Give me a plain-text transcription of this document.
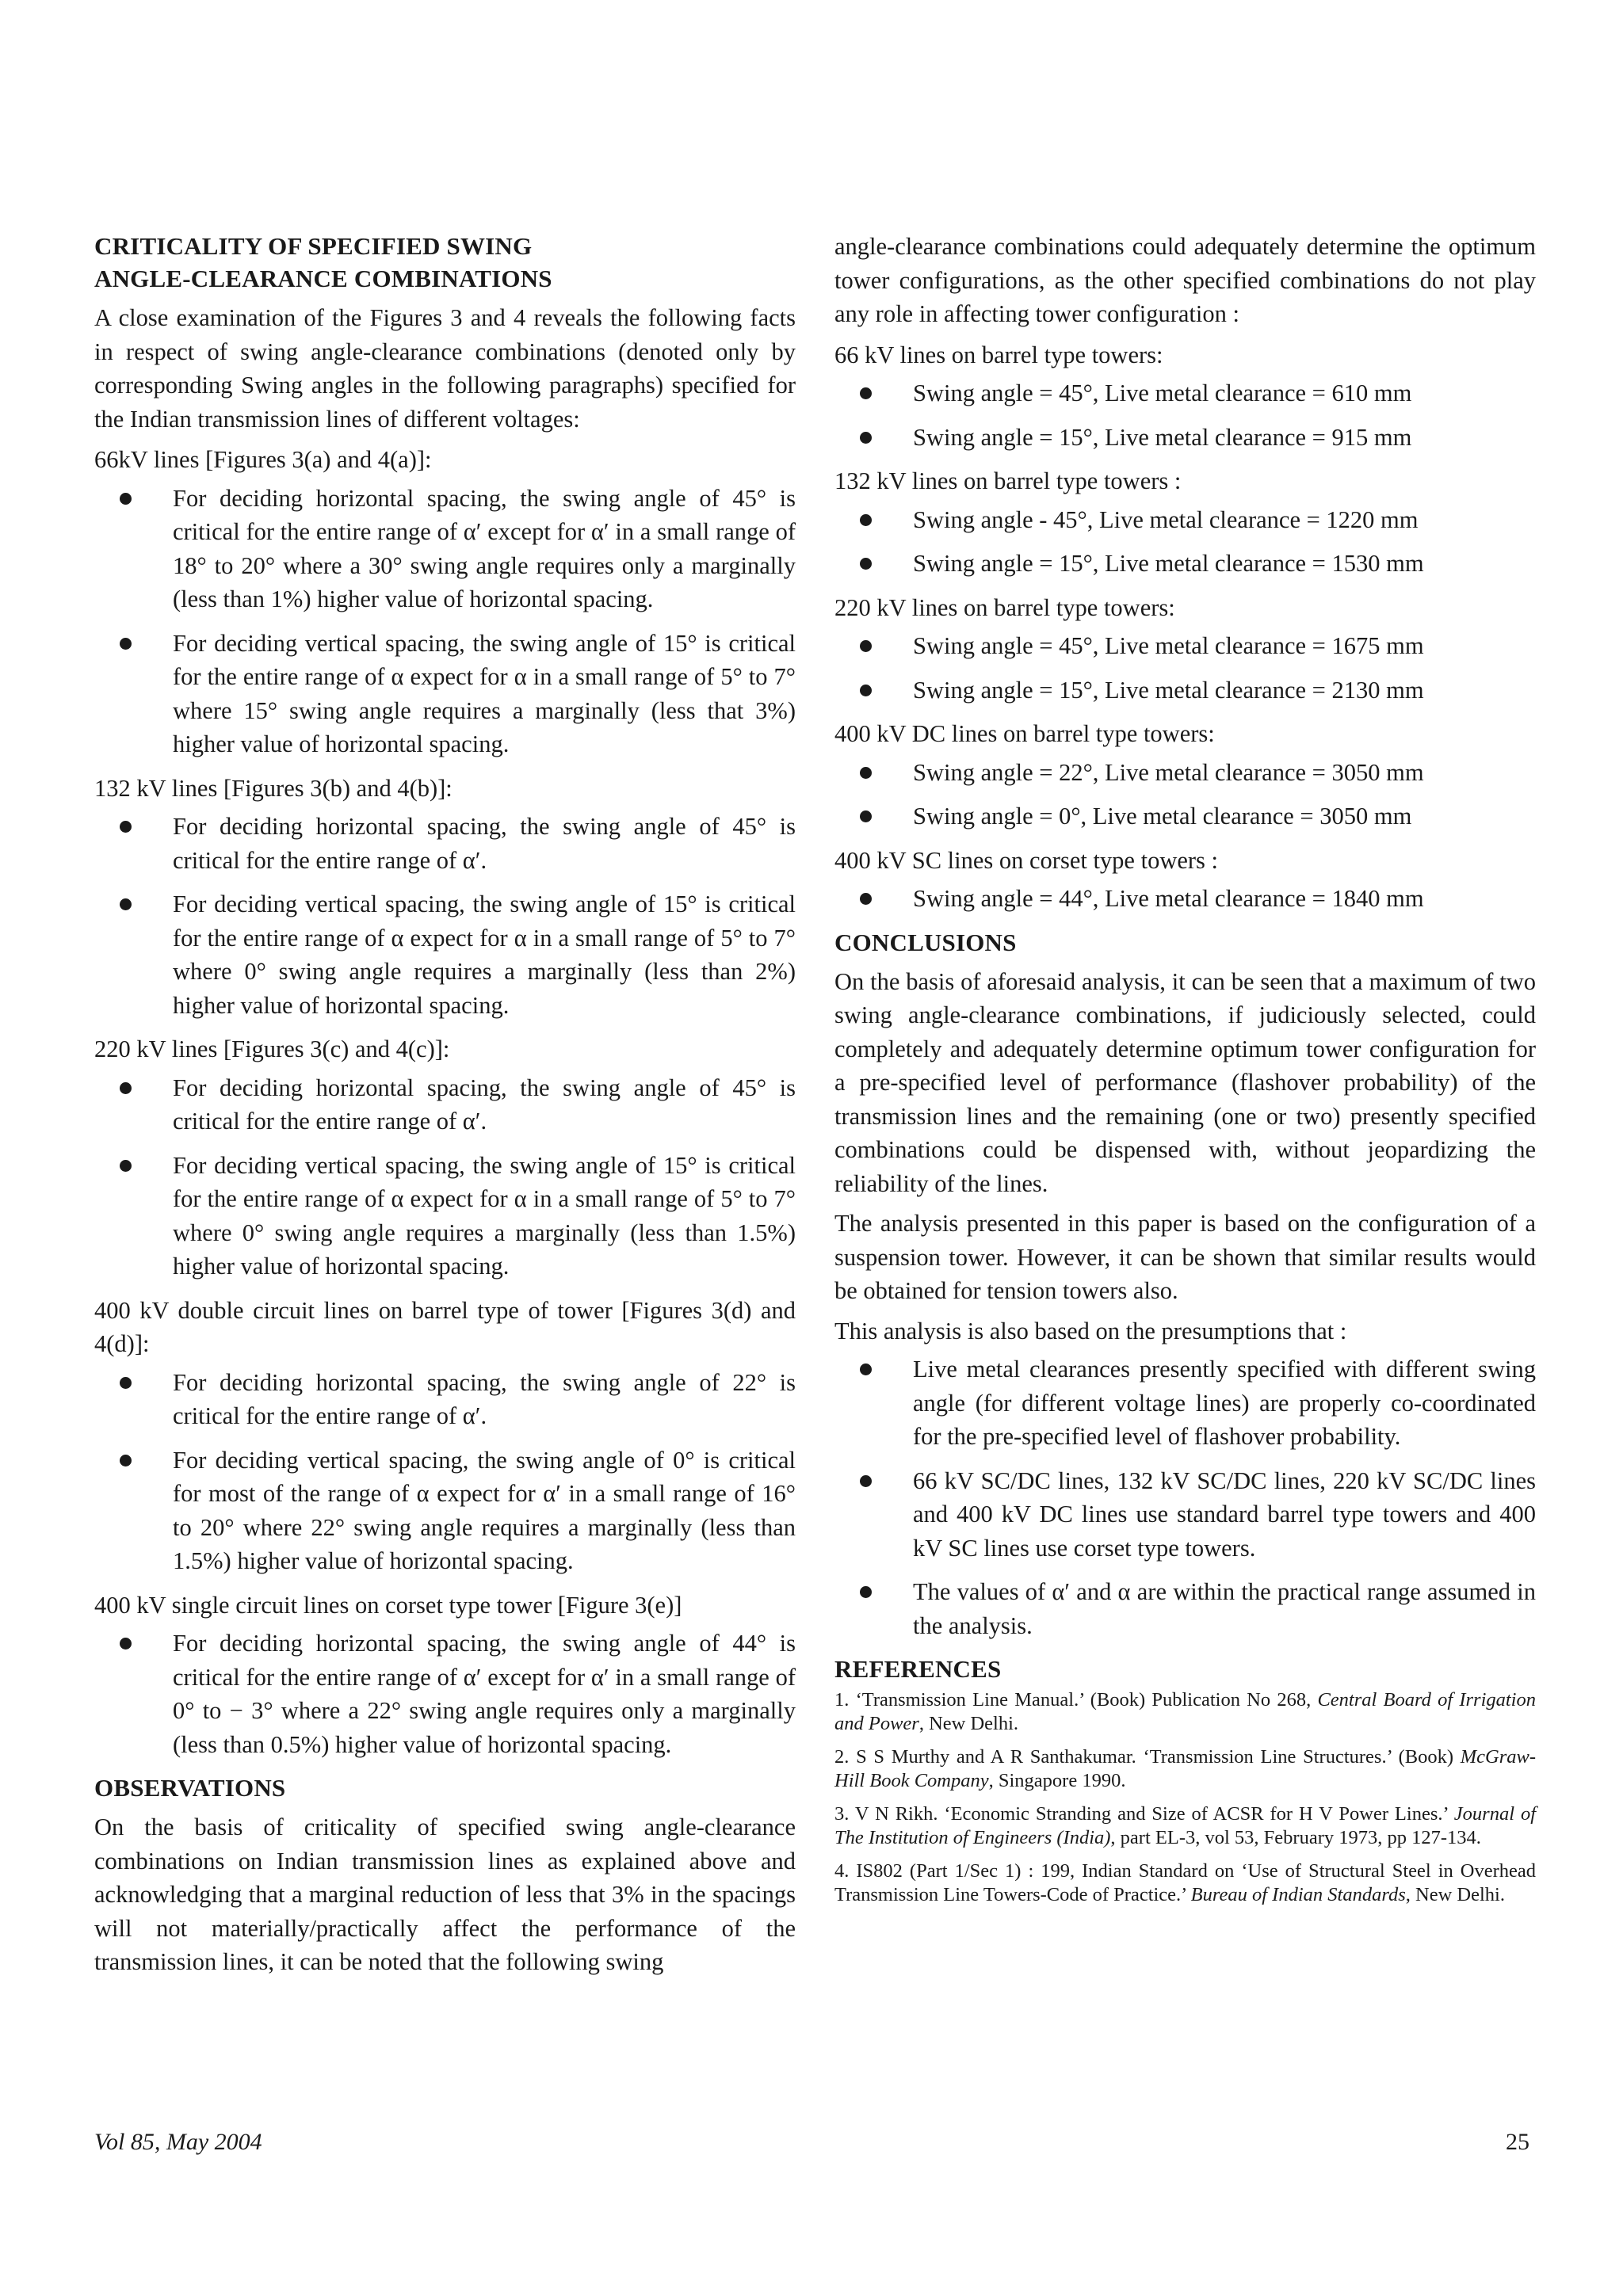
CRITICALITY OF SPECIFIED SWING ANGLE-CLEARANCE COMBINATIONS

A close examination of the Figures 3 and 4 reveals the following facts in respect of swing angle-clearance combinations (denoted only by corresponding Swing angles in the following paragraphs) specified for the Indian transmission lines of different voltages:

66kV lines [Figures 3(a) and 4(a)]:

For deciding horizontal spacing, the swing angle of 45° is critical for the entire range of α′ except for α′ in a small range of 18° to 20° where a 30° swing angle requires only a marginally (less than 1%) higher value of horizontal spacing.
For deciding vertical spacing, the swing angle of 15° is critical for the entire range of α expect for α in a small range of 5° to 7° where 15° swing angle requires a marginally (less that 3%) higher value of horizontal spacing.

132 kV lines [Figures 3(b) and 4(b)]:

For deciding horizontal spacing, the swing angle of 45° is critical for the entire range of α′.
For deciding vertical spacing, the swing angle of 15° is critical for the entire range of α expect for α in a small range of 5° to 7° where 0° swing angle requires a marginally (less than 2%) higher value of horizontal spacing.

220 kV lines [Figures 3(c) and 4(c)]:

For deciding horizontal spacing, the swing angle of 45° is critical for the entire range of α′.
For deciding vertical spacing, the swing angle of 15° is critical for the entire range of α expect for α in a small range of 5° to 7° where 0° swing angle requires a marginally (less than 1.5%) higher value of horizontal spacing.

400 kV double circuit lines on barrel type of tower [Figures 3(d) and 4(d)]:

For deciding horizontal spacing, the swing angle of 22° is critical for the entire range of α′.
For deciding vertical spacing, the swing angle of 0° is critical for most of the range of α expect for α′ in a small range of 16° to 20° where 22° swing angle requires a marginally (less than 1.5%) higher value of horizontal spacing.

400 kV single circuit lines on corset type tower [Figure 3(e)]

For deciding horizontal spacing, the swing angle of 44° is critical for the entire range of α′ except for α′ in a small range of 0° to − 3° where a 22° swing angle requires only a marginally (less than 0.5%) higher value of horizontal spacing.
OBSERVATIONS

On the basis of criticality of specified swing angle-clearance combinations on Indian transmission lines as explained above and acknowledging that a marginal reduction of less that 3% in the spacings will not materially/practically affect the performance of the transmission lines, it can be noted that the following swing

angle-clearance combinations could adequately determine the optimum tower configurations, as the other specified combinations do not play any role in affecting tower configuration :

66 kV lines on barrel type towers:

Swing angle = 45°, Live metal clearance = 610 mm
Swing angle = 15°, Live metal clearance = 915 mm

132 kV lines on barrel type towers :

Swing angle - 45°, Live metal clearance = 1220 mm
Swing angle = 15°, Live metal clearance = 1530 mm

220 kV lines on barrel type towers:

Swing angle = 45°, Live metal clearance = 1675 mm
Swing angle = 15°, Live metal clearance = 2130 mm

400 kV DC lines on barrel type towers:

Swing angle = 22°, Live metal clearance = 3050 mm
Swing angle = 0°, Live metal clearance = 3050 mm

400 kV SC lines on corset type towers :

Swing angle = 44°, Live metal clearance = 1840 mm
CONCLUSIONS

On the basis of aforesaid analysis, it can be seen that a maximum of two swing angle-clearance combinations, if judiciously selected, could completely and adequately determine optimum tower configuration for a pre-specified level of performance (flashover probability) of the transmission lines and the remaining (one or two) presently specified combinations could be dispensed with, without jeopardizing the reliability of the lines.

The analysis presented in this paper is based on the configuration of a suspension tower. However, it can be shown that similar results would be obtained for tension towers also.

This analysis is also based on the presumptions that :

Live metal clearances presently specified with different swing angle (for different voltage lines) are properly co-coordinated for the pre-specified level of flashover probability.
66 kV SC/DC lines, 132 kV SC/DC lines, 220 kV SC/DC lines and 400 kV DC lines use standard barrel type towers and 400 kV SC lines use corset type towers.
The values of α′ and α are within the practical range assumed in the analysis.
REFERENCES
1. ‘Transmission Line Manual.’ (Book) Publication No 268, Central Board of Irrigation and Power, New Delhi.
2. S S Murthy and A R Santhakumar. ‘Transmission Line Structures.’ (Book) McGraw-Hill Book Company, Singapore 1990.
3. V N Rikh. ‘Economic Stranding and Size of ACSR for H V Power Lines.’ Journal of The Institution of Engineers (India), part EL-3, vol 53, February 1973, pp 127-134.
4. IS802 (Part 1/Sec 1) : 199, Indian Standard on ‘Use of Structural Steel in Overhead Transmission Line Towers-Code of Practice.’ Bureau of Indian Standards, New Delhi.
Vol 85, May 2004	25
